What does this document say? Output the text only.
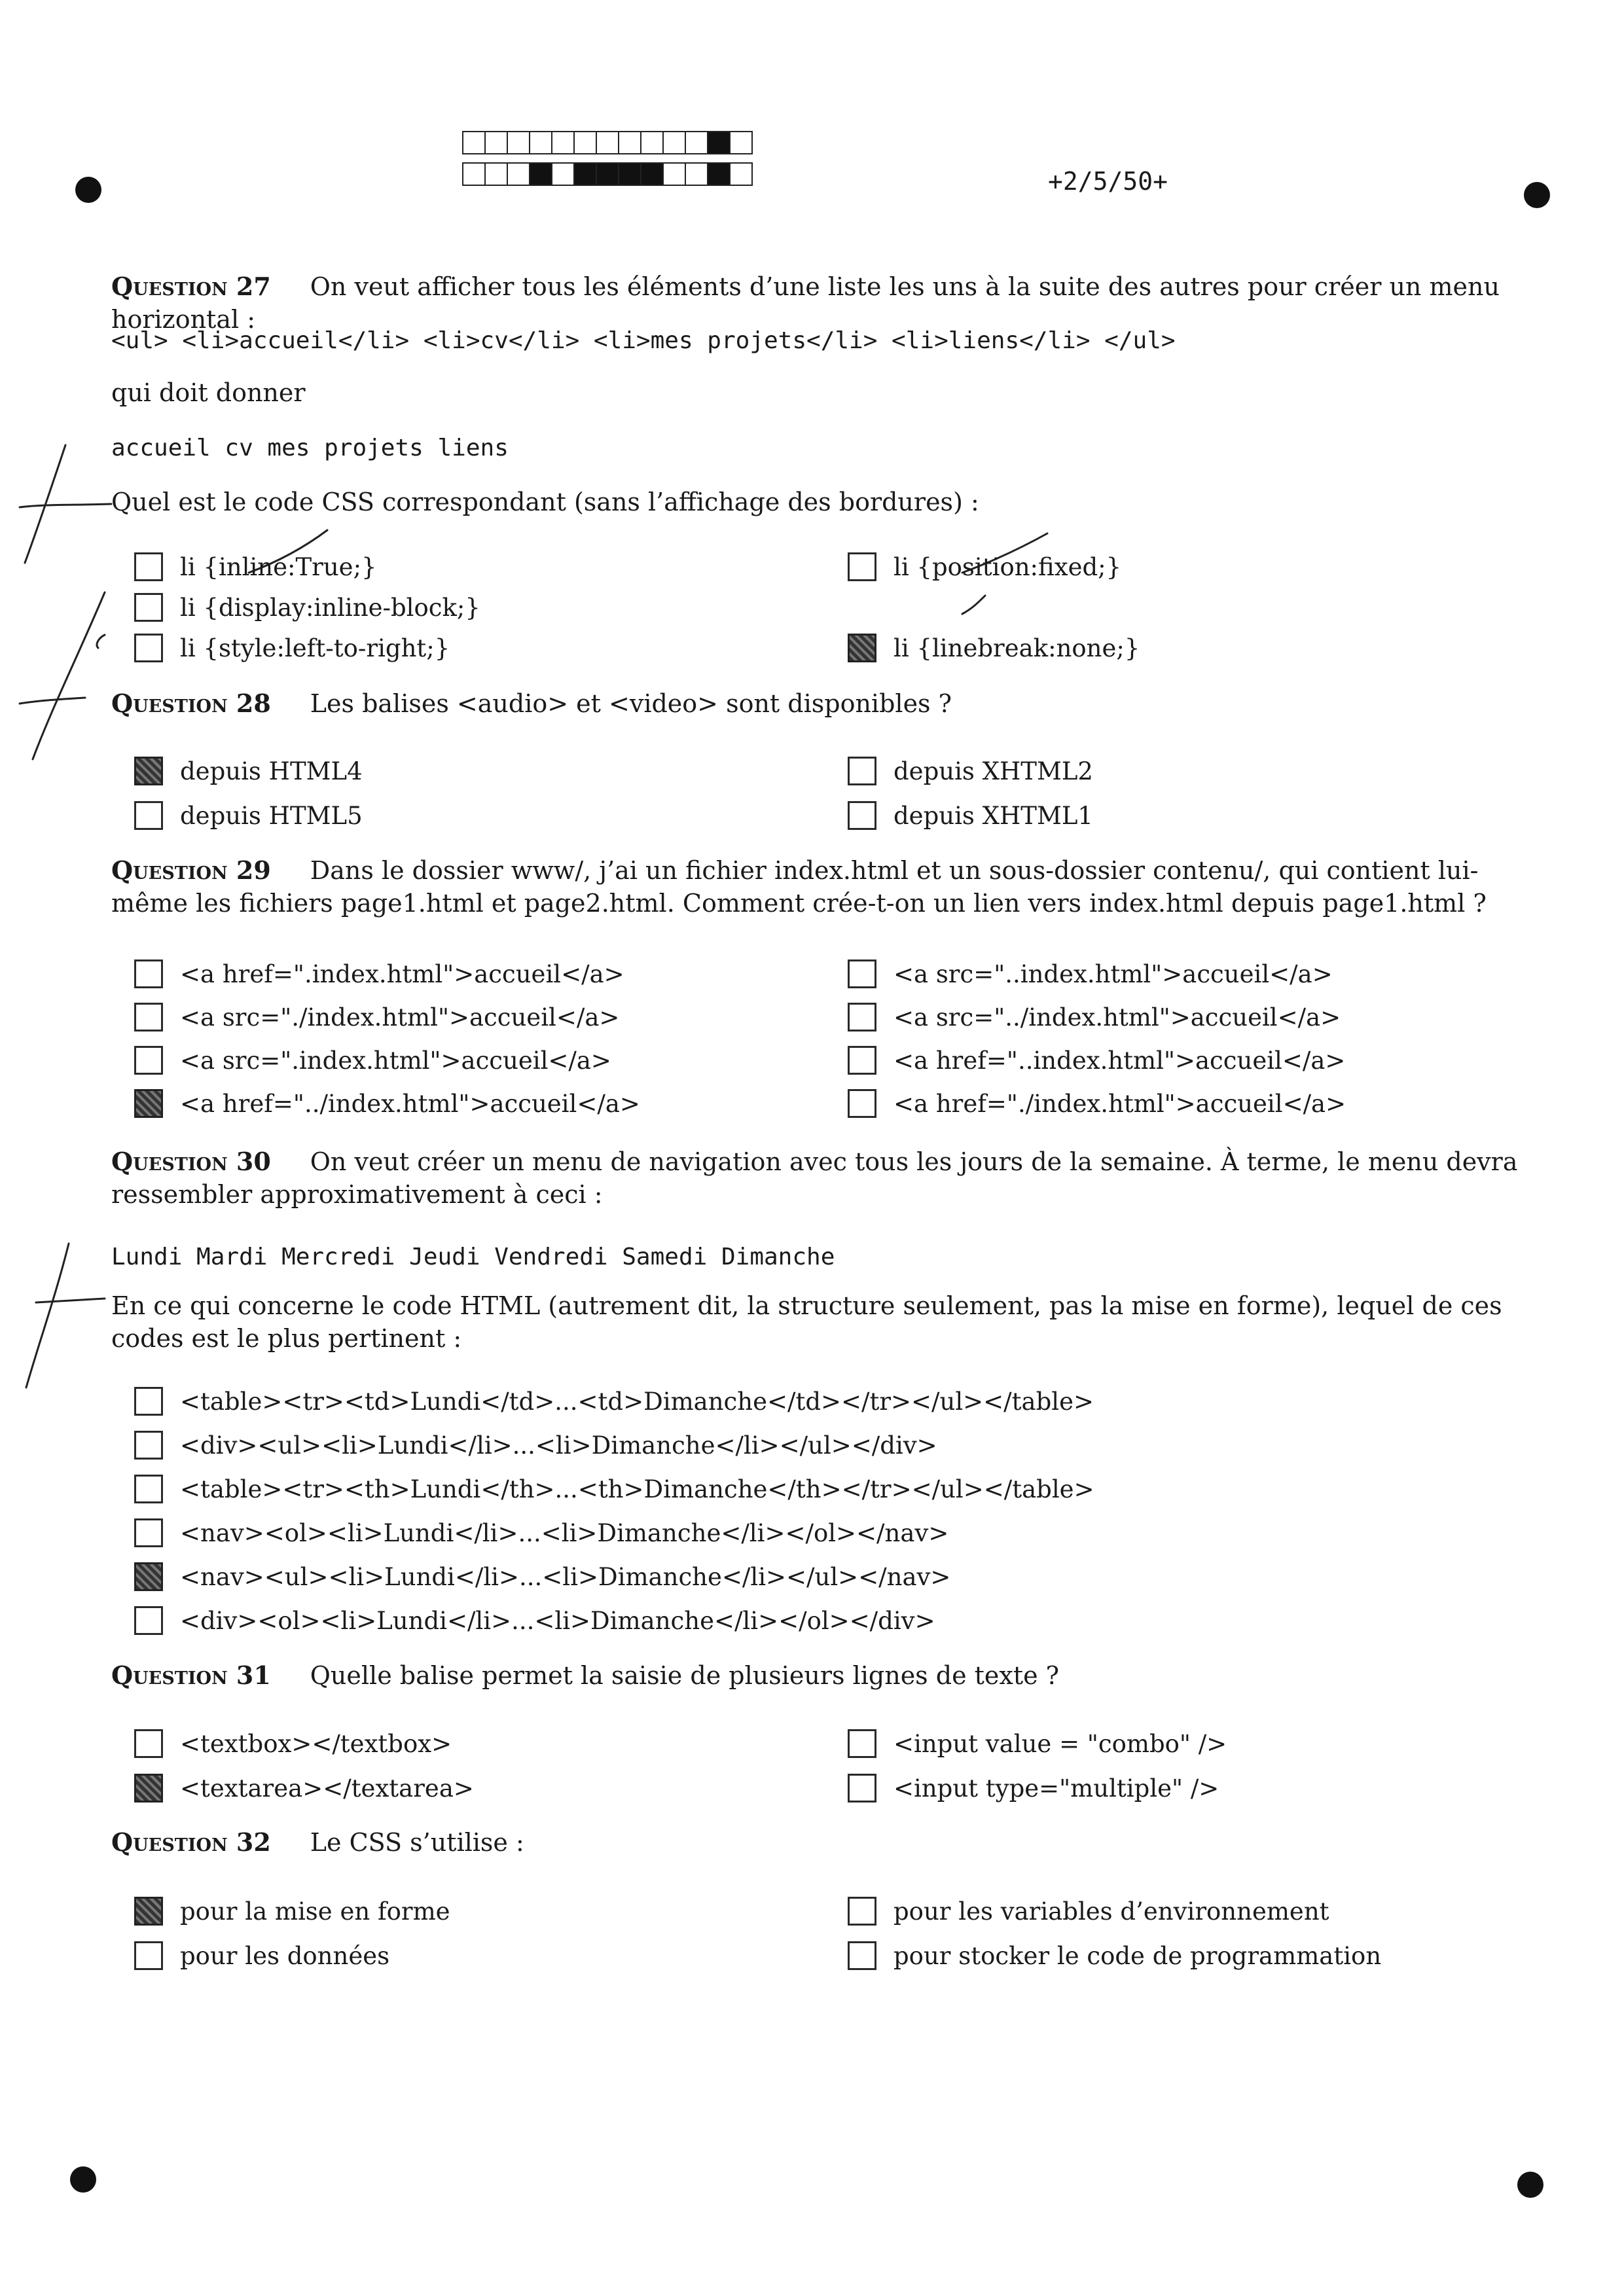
+2/5/50+
Question 27 On veut afficher tous les éléments d’une liste les uns à la suite des autres pour créer un menu horizontal :
<ul> <li>accueil</li> <li>cv</li> <li>mes projets</li> <li>liens</li> </ul>
qui doit donner
accueil cv mes projets liens
Quel est le code CSS correspondant (sans l’affichage des bordures) :
li {inline:True;}
li {display:inline-block;}
li {style:left-to-right;}
li {position:fixed;}
li {linebreak:none;}
Question 28 Les balises <audio> et <video> sont disponibles ?
depuis HTML4
depuis HTML5
depuis XHTML2
depuis XHTML1
Question 29 Dans le dossier www/, j’ai un fichier index.html et un sous-dossier contenu/, qui contient lui-même les fichiers page1.html et page2.html. Comment crée-t-on un lien vers index.html depuis page1.html ?
<a href=".index.html">accueil</a>
<a src="./index.html">accueil</a>
<a src=".index.html">accueil</a>
<a href="../index.html">accueil</a>
<a src="..index.html">accueil</a>
<a src="../index.html">accueil</a>
<a href="..index.html">accueil</a>
<a href="./index.html">accueil</a>
Question 30 On veut créer un menu de navigation avec tous les jours de la semaine. À terme, le menu devra ressembler approximativement à ceci :
Lundi Mardi Mercredi Jeudi Vendredi Samedi Dimanche
En ce qui concerne le code HTML (autrement dit, la structure seulement, pas la mise en forme), lequel de ces codes est le plus pertinent :
<table><tr><td>Lundi</td>...<td>Dimanche</td></tr></ul></table>
<div><ul><li>Lundi</li>...<li>Dimanche</li></ul></div>
<table><tr><th>Lundi</th>...<th>Dimanche</th></tr></ul></table>
<nav><ol><li>Lundi</li>...<li>Dimanche</li></ol></nav>
<nav><ul><li>Lundi</li>...<li>Dimanche</li></ul></nav>
<div><ol><li>Lundi</li>...<li>Dimanche</li></ol></div>
Question 31 Quelle balise permet la saisie de plusieurs lignes de texte ?
<textbox></textbox>
<textarea></textarea>
<input value = "combo" />
<input type="multiple" />
Question 32 Le CSS s’utilise :
pour la mise en forme
pour les données
pour les variables d’environnement
pour stocker le code de programmation
